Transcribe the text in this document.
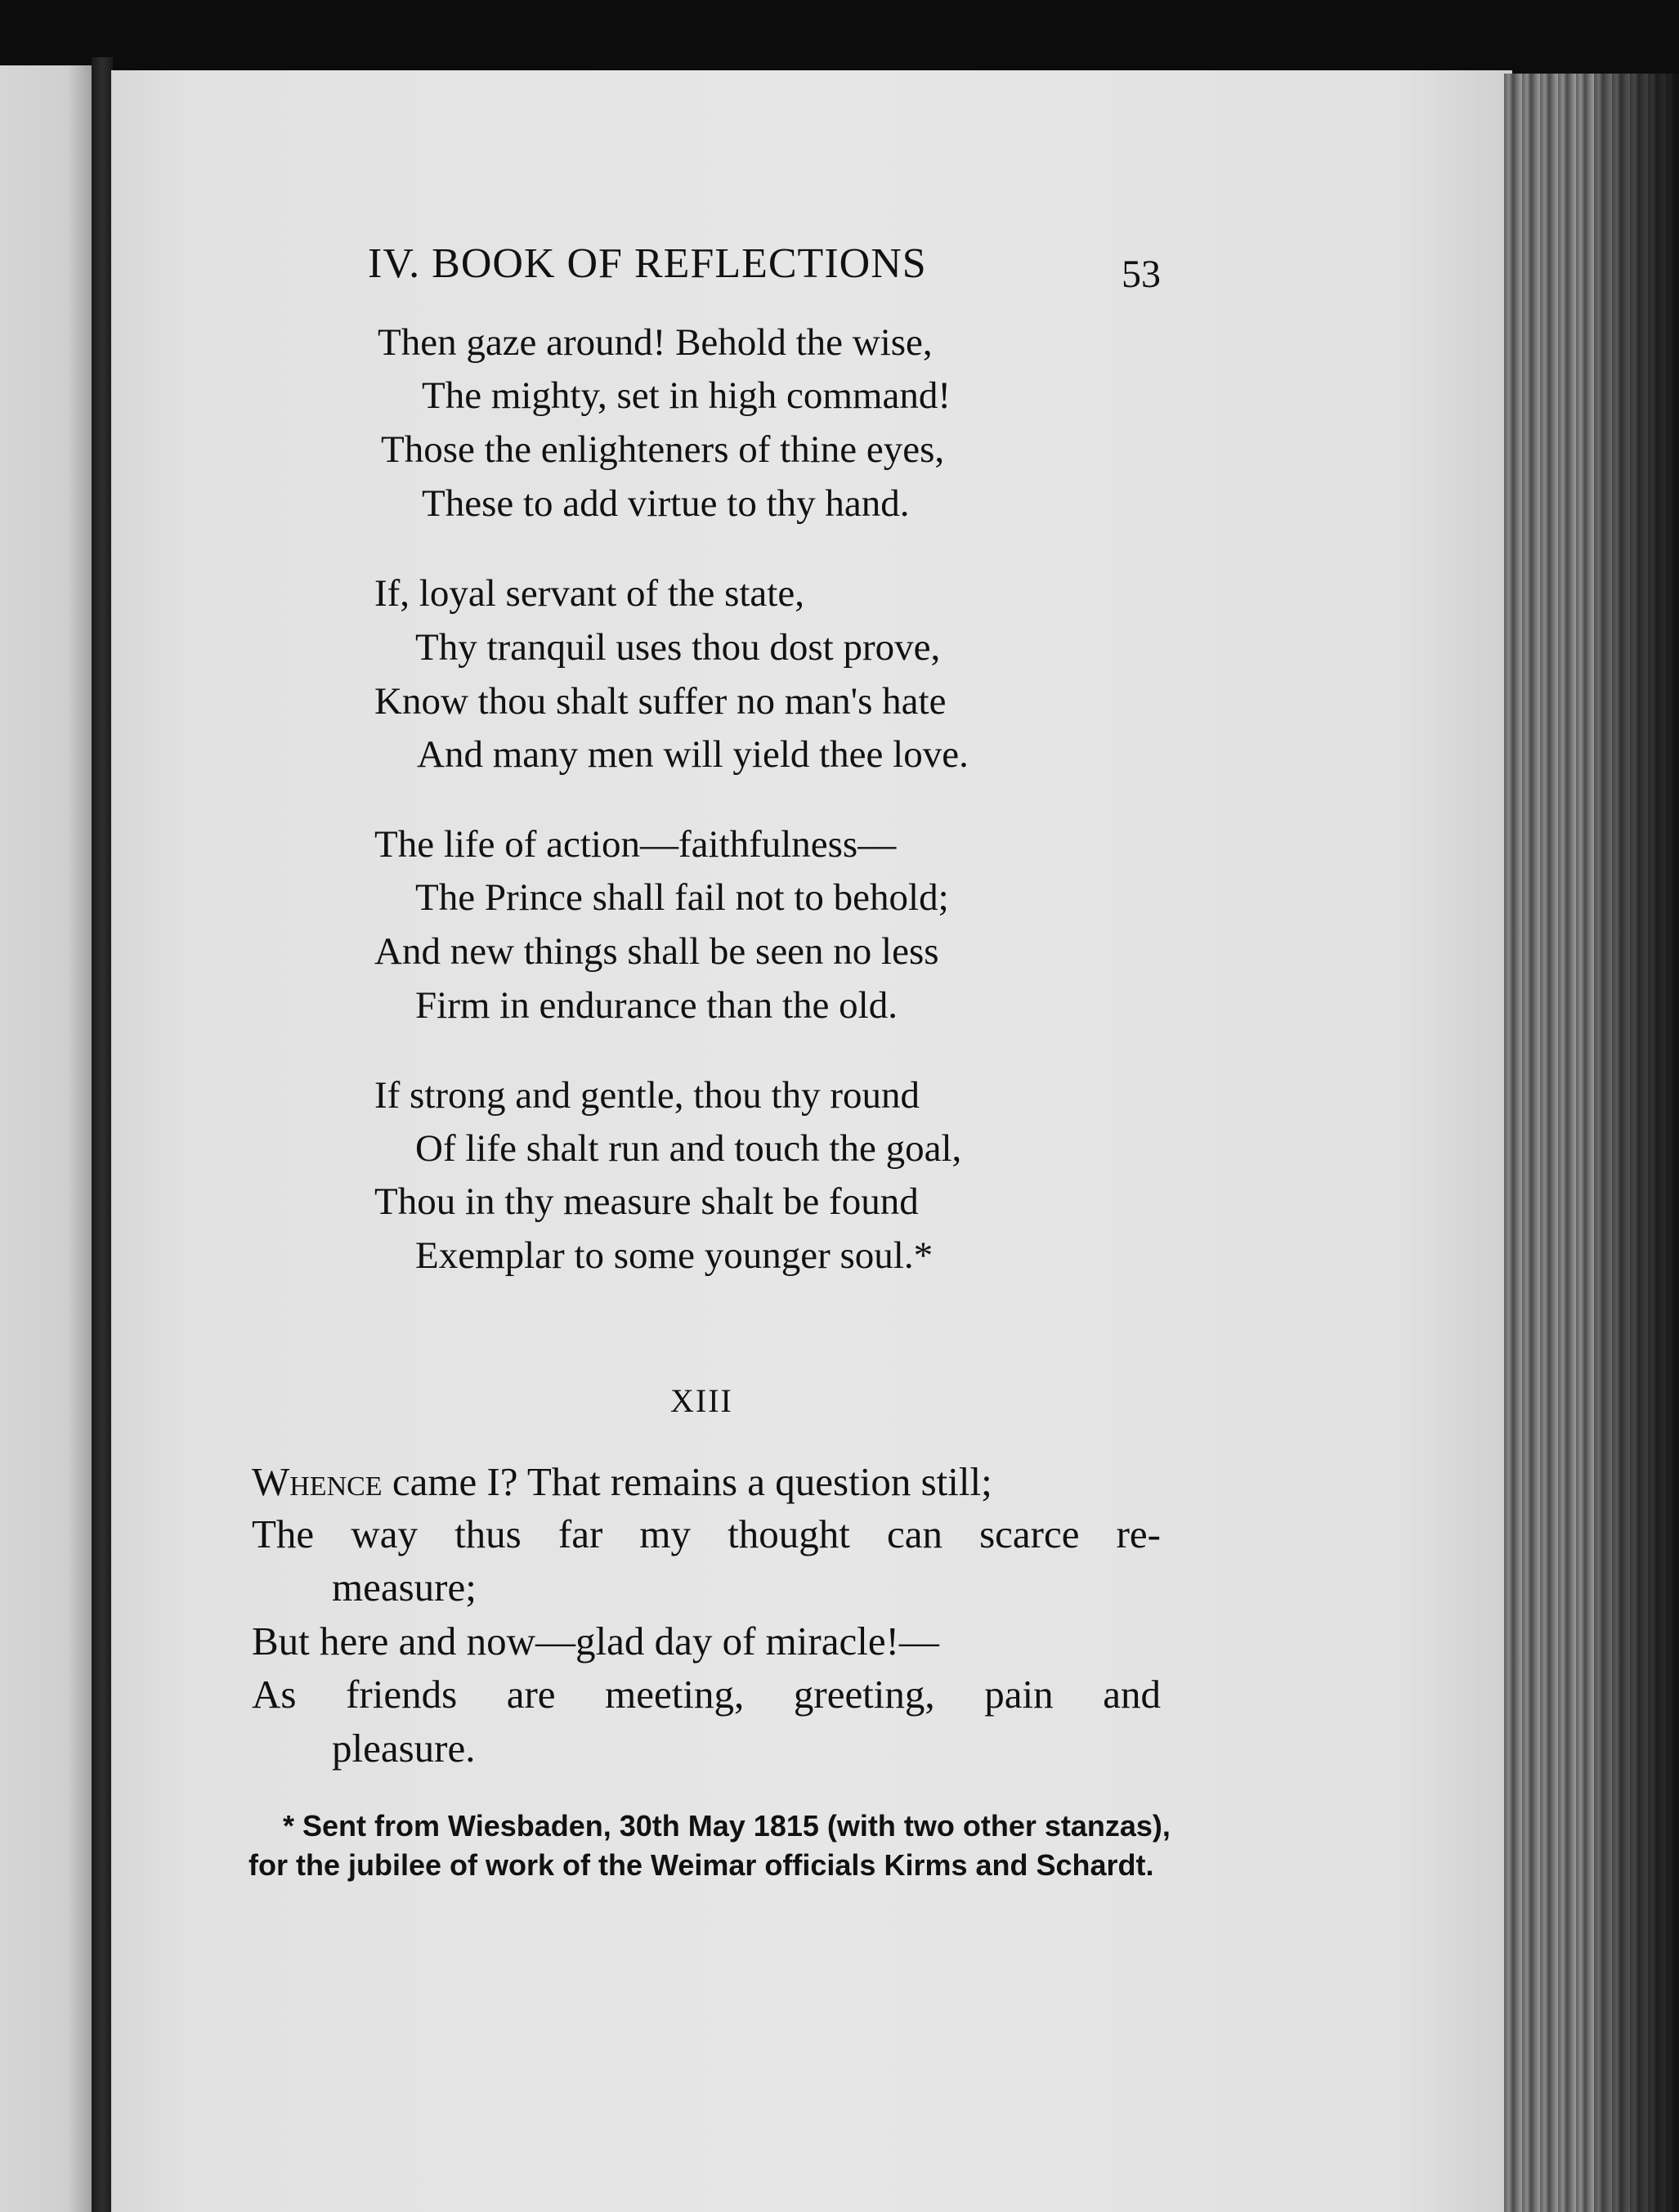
IV. BOOK OF REFLECTIONS	53
Then gaze around! Behold the wise,
The mighty, set in high command!
Those the enlighteners of thine eyes,
These to add virtue to thy hand.
If, loyal servant of the state,
Thy tranquil uses thou dost prove,
Know thou shalt suffer no man's hate
And many men will yield thee love.
The life of action—faithfulness—
The Prince shall fail not to behold;
And new things shall be seen no less
Firm in endurance than the old.
If strong and gentle, thou thy round
Of life shalt run and touch the goal,
Thou in thy measure shalt be found
Exemplar to some younger soul.*
XIII
Whence came I? That remains a question still;
The way thus far my thought can scarce re-
measure;
But here and now—glad day of miracle!—
As friends are meeting, greeting, pain and
pleasure.
* Sent from Wiesbaden, 30th May 1815 (with two other stanzas),
for the jubilee of work of the Weimar officials Kirms and Schardt.
